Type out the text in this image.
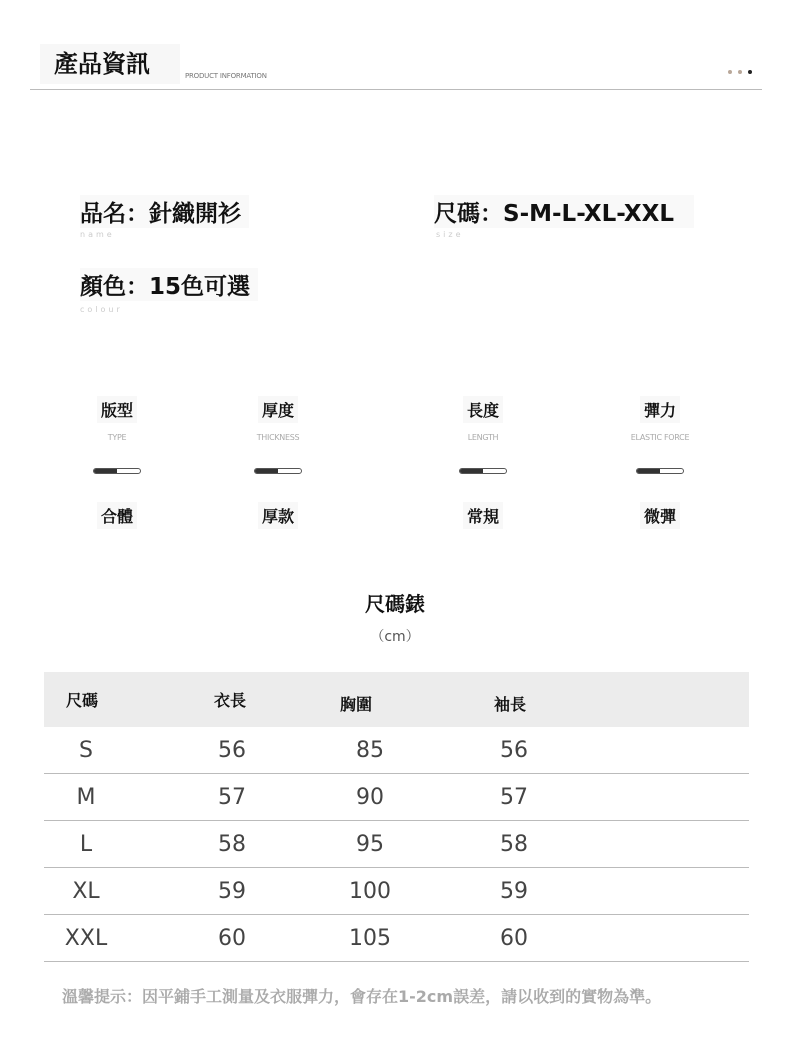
產品資訊	PRODUCT INFORMATION
品名：針織開衫
name
尺碼：S-M-L-XL-XXL
size
顏色：15色可選
colour
版型
TYPE
合體
厚度
THICKNESS
厚款
長度
LENGTH
常規
彈力
ELASTIC FORCE
微彈
尺碼錶
（cm）
尺碼	衣長	胸圍	袖長
S	56	85	56
M	57	90	57
L	58	95	58
XL	59	100	59
XXL	60	105	60
溫馨提示：因平鋪手工測量及衣服彈力，會存在1-2cm誤差，請以收到的實物為準。
